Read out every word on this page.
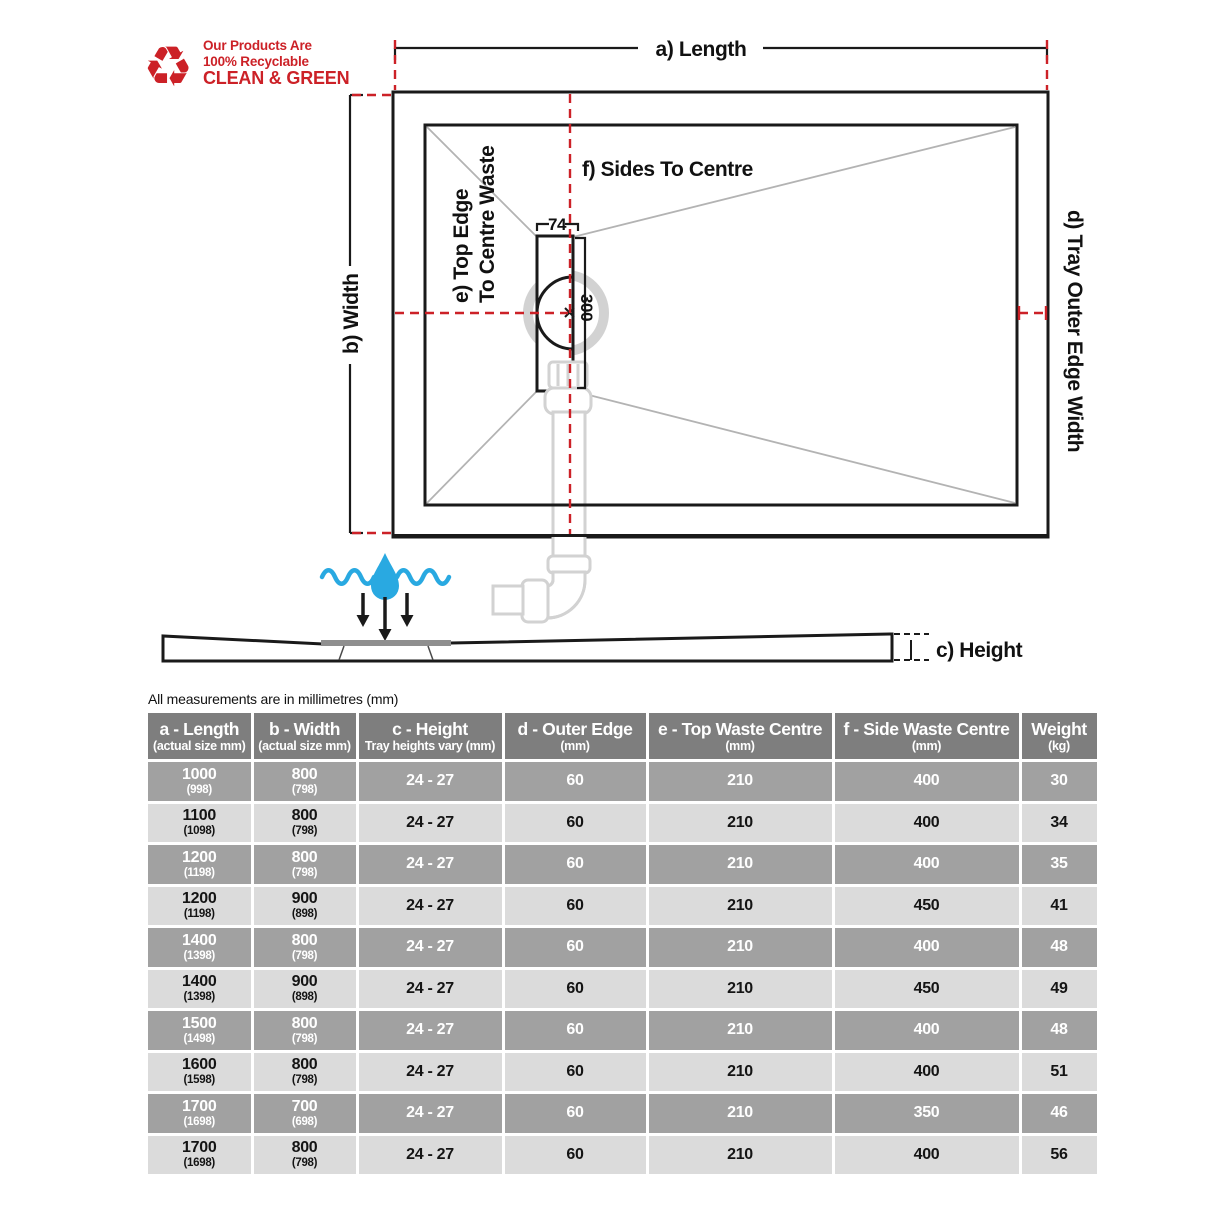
♻ Our Products Are
100% Recyclable
CLEAN & GREEN
74
300
a) Length
b) Width	d) Tray Outer Edge Width
f) Sides To Centre
e) Top Edge To Centre Waste
c) Height
All measurements are in millimetres (mm)
a - Length
(actual size mm)	b - Width
(actual size mm)	c - Height
Tray heights vary (mm)	d - Outer Edge
(mm)	e - Top Waste Centre
(mm)	f - Side Waste Centre
(mm)	Weight
(kg)

1000
(998)	800
(798)	24 - 27	60	210	400	30

1100
(1098)	800
(798)	24 - 27	60	210	400	34

1200
(1198)	800
(798)	24 - 27	60	210	400	35

1200
(1198)	900
(898)	24 - 27	60	210	450	41

1400
(1398)	800
(798)	24 - 27	60	210	400	48

1400
(1398)	900
(898)	24 - 27	60	210	450	49

1500
(1498)	800
(798)	24 - 27	60	210	400	48

1600
(1598)	800
(798)	24 - 27	60	210	400	51

1700
(1698)	700
(698)	24 - 27	60	210	350	46

1700
(1698)	800
(798)	24 - 27	60	210	400	56
